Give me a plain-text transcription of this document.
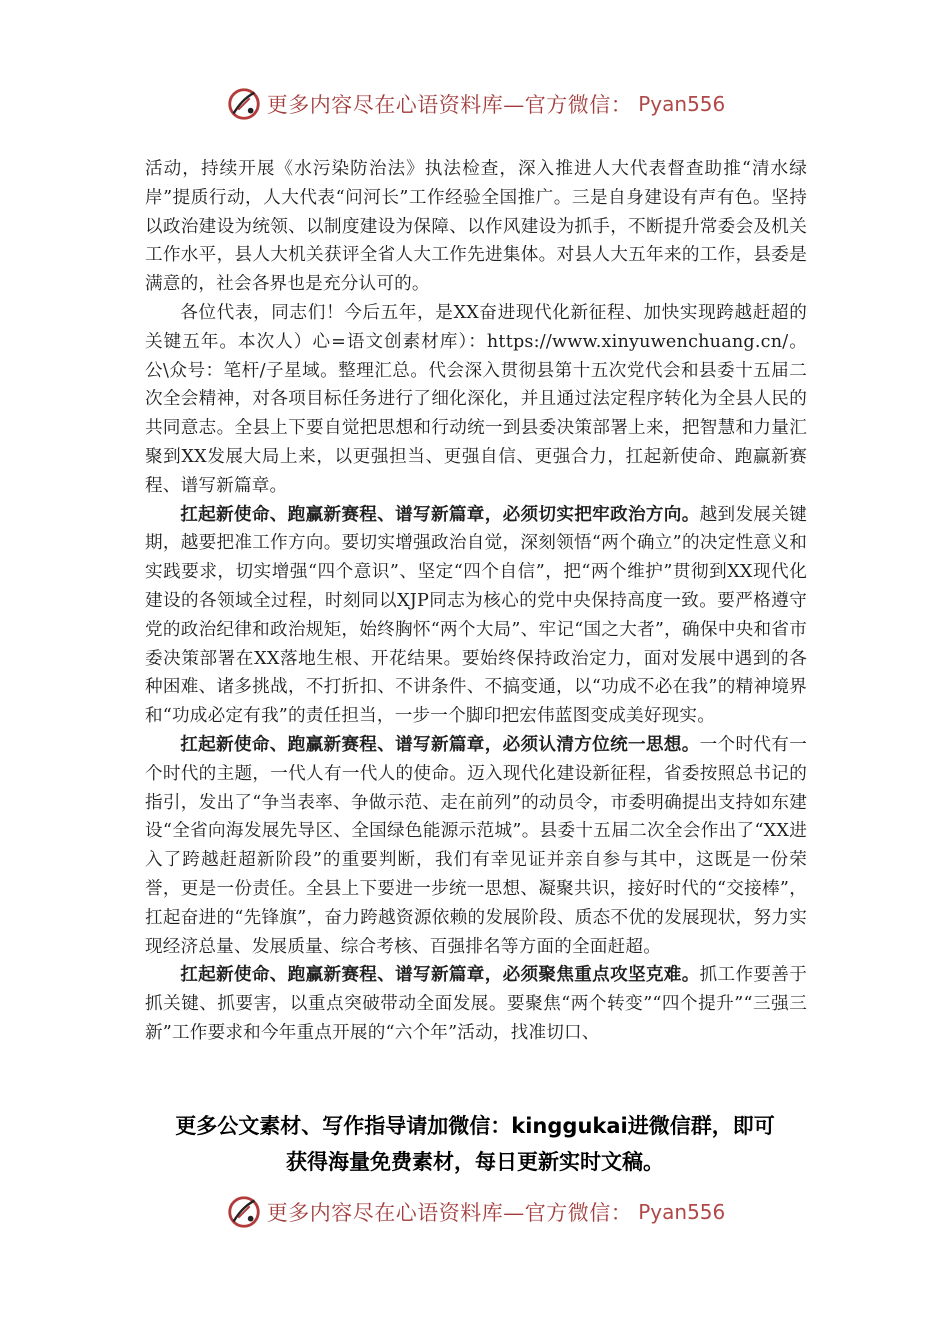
更多内容尽在心语资料库—官方微信： Pyan556

活动，持续开展《水污染防治法》执法检查，深入推进人大代表督查助推“清水绿岸”提质行动，人大代表“问河长”工作经验全国推广。三是自身建设有声有色。坚持以政治建设为统领、以制度建设为保障、以作风建设为抓手，不断提升常委会及机关工作水平，县人大机关获评全省人大工作先进集体。对县人大五年来的工作，县委是满意的，社会各界也是充分认可的。

各位代表，同志们！今后五年，是XX奋进现代化新征程、加快实现跨越赶超的关键五年。本次人）心=语文创素材库）：https://www.xinyuwenchuang.cn/。公\众号：笔杆/子星域。整理汇总。代会深入贯彻县第十五次党代会和县委十五届二次全会精神，对各项目标任务进行了细化深化，并且通过法定程序转化为全县人民的共同意志。全县上下要自觉把思想和行动统一到县委决策部署上来，把智慧和力量汇聚到XX发展大局上来，以更强担当、更强自信、更强合力，扛起新使命、跑赢新赛程、谱写新篇章。

扛起新使命、跑赢新赛程、谱写新篇章，必须切实把牢政治方向。越到发展关键期，越要把准工作方向。要切实增强政治自觉，深刻领悟“两个确立”的决定性意义和实践要求，切实增强“四个意识”、坚定“四个自信”，把“两个维护”贯彻到XX现代化建设的各领域全过程，时刻同以XJP同志为核心的党中央保持高度一致。要严格遵守党的政治纪律和政治规矩，始终胸怀“两个大局”、牢记“国之大者”，确保中央和省市委决策部署在XX落地生根、开花结果。要始终保持政治定力，面对发展中遇到的各种困难、诸多挑战，不打折扣、不讲条件、不搞变通，以“功成不必在我”的精神境界和“功成必定有我”的责任担当，一步一个脚印把宏伟蓝图变成美好现实。

扛起新使命、跑赢新赛程、谱写新篇章，必须认清方位统一思想。一个时代有一个时代的主题，一代人有一代人的使命。迈入现代化建设新征程，省委按照总书记的指引，发出了“争当表率、争做示范、走在前列”的动员令，市委明确提出支持如东建设“全省向海发展先导区、全国绿色能源示范城”。县委十五届二次全会作出了“XX进入了跨越赶超新阶段”的重要判断，我们有幸见证并亲自参与其中，这既是一份荣誉，更是一份责任。全县上下要进一步统一思想、凝聚共识，接好时代的“交接棒”，扛起奋进的“先锋旗”，奋力跨越资源依赖的发展阶段、质态不优的发展现状，努力实现经济总量、发展质量、综合考核、百强排名等方面的全面赶超。

扛起新使命、跑赢新赛程、谱写新篇章，必须聚焦重点攻坚克难。抓工作要善于抓关键、抓要害，以重点突破带动全面发展。要聚焦“两个转变”“四个提升”“三强三新”工作要求和今年重点开展的“六个年”活动，找准切口、

更多公文素材、写作指导请加微信：kinggukai进微信群，即可
获得海量免费素材，每日更新实时文稿。
更多内容尽在心语资料库—官方微信： Pyan556
